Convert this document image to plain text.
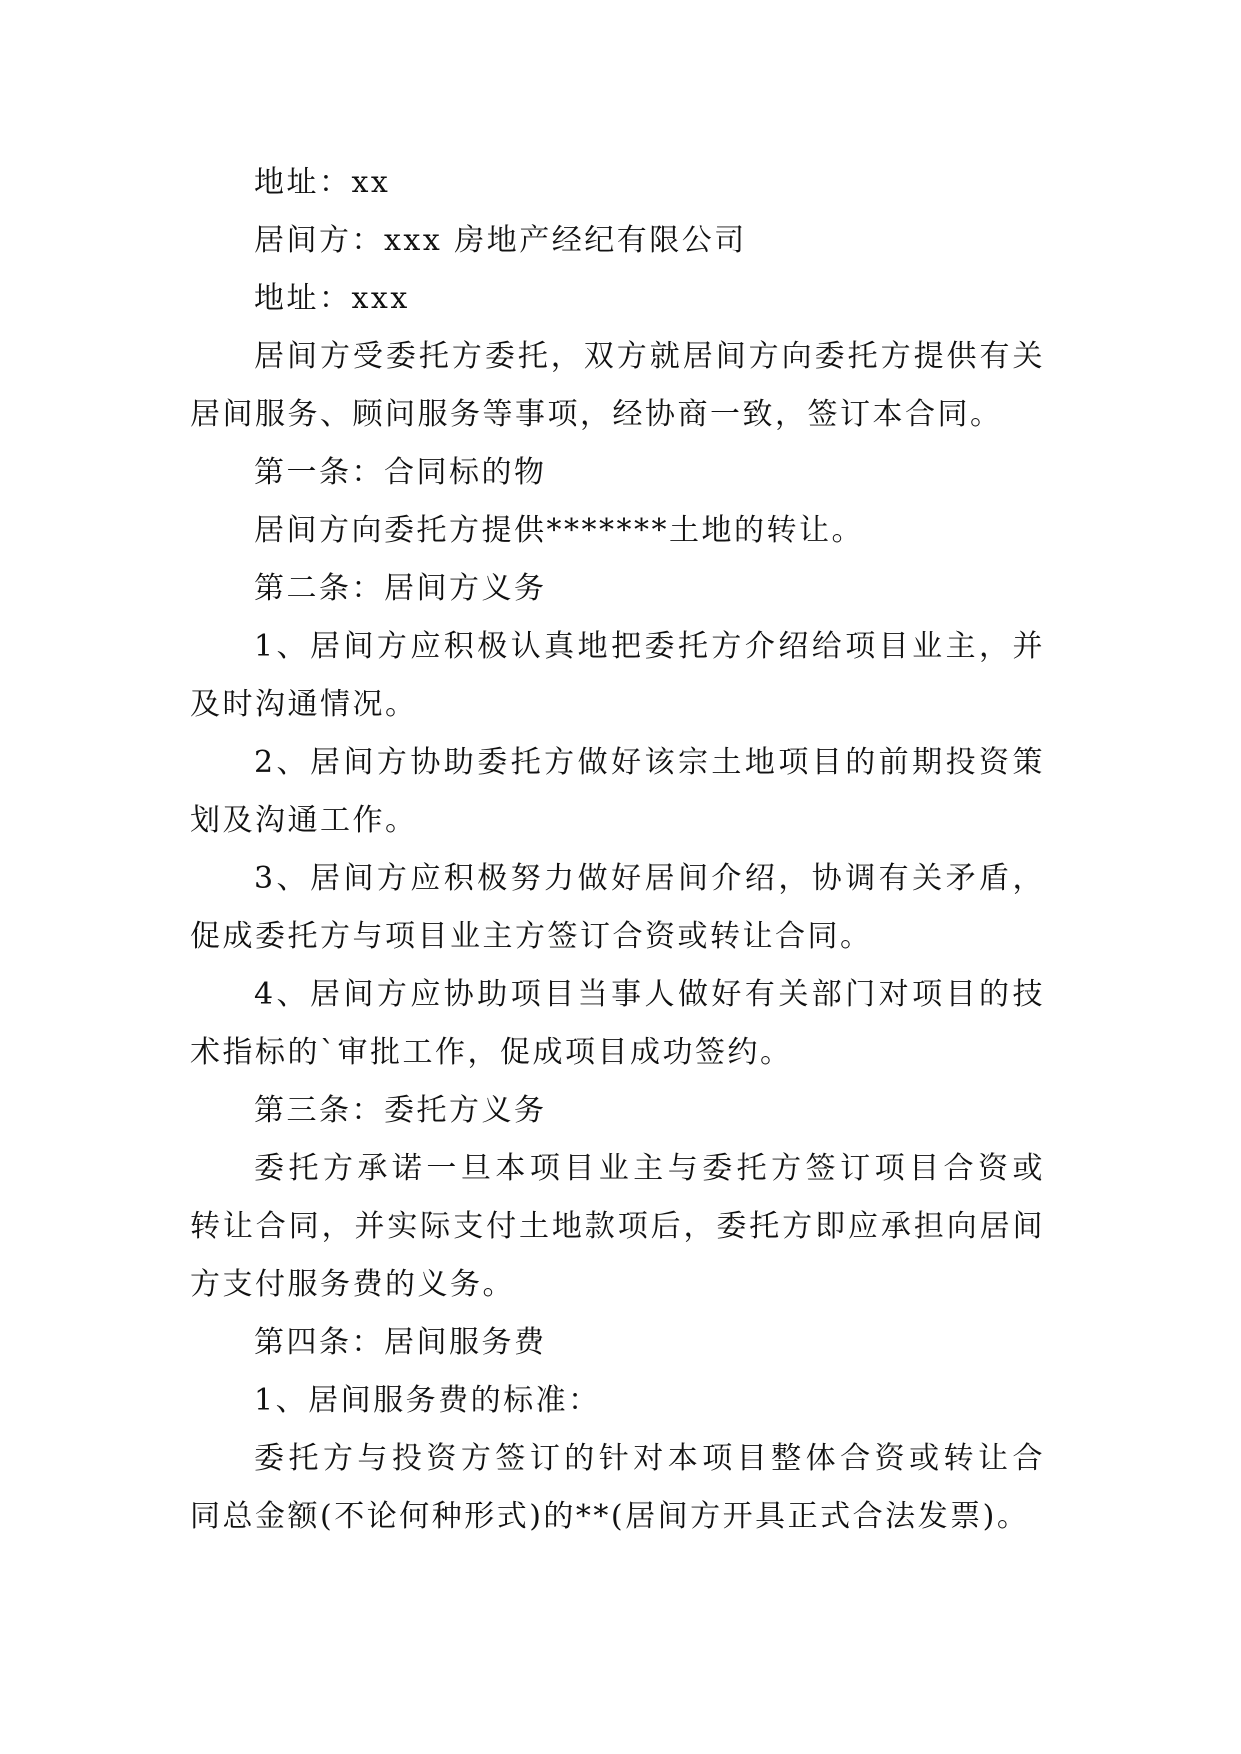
地址：xx
居间方：xxx 房地产经纪有限公司
地址：xxx
居间方受委托方委托，双方就居间方向委托方提供有关
居间服务、顾问服务等事项，经协商一致，签订本合同。
第一条：合同标的物
居间方向委托方提供*******土地的转让。
第二条：居间方义务
1、居间方应积极认真地把委托方介绍给项目业主，并
及时沟通情况。
2、居间方协助委托方做好该宗土地项目的前期投资策
划及沟通工作。
3、居间方应积极努力做好居间介绍，协调有关矛盾，
促成委托方与项目业主方签订合资或转让合同。
4、居间方应协助项目当事人做好有关部门对项目的技
术指标的`审批工作，促成项目成功签约。
第三条：委托方义务
委托方承诺一旦本项目业主与委托方签订项目合资或
转让合同，并实际支付土地款项后，委托方即应承担向居间
方支付服务费的义务。
第四条：居间服务费
1、居间服务费的标准：
委托方与投资方签订的针对本项目整体合资或转让合
同总金额(不论何种形式)的**(居间方开具正式合法发票)。
